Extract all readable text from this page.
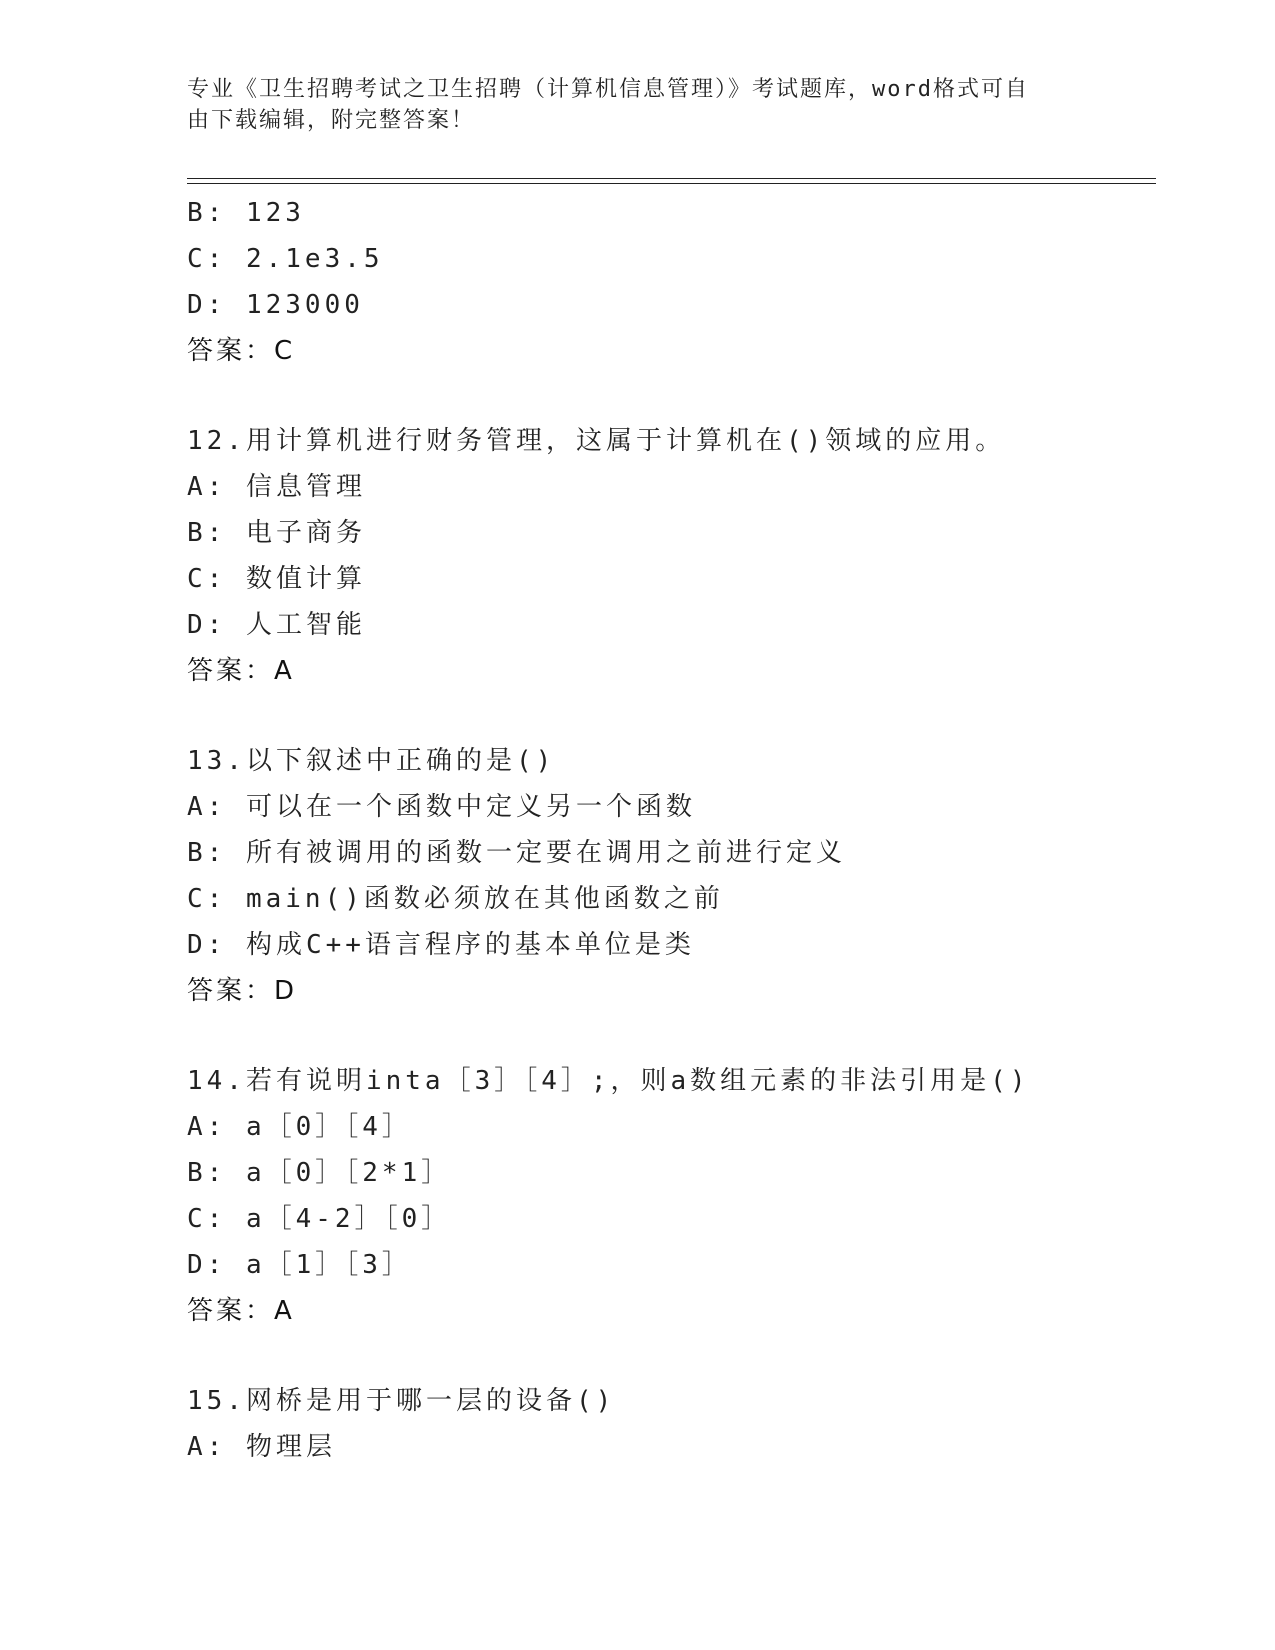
专业《卫生招聘考试之卫生招聘（计算机信息管理）》考试题库，word格式可自
由下载编辑，附完整答案！
B: 123
C: 2.1e3.5
D: 123000
答案：C
12.用计算机进行财务管理，这属于计算机在()领域的应用。
A: 信息管理
B: 电子商务
C: 数值计算
D: 人工智能
答案：A
13.以下叙述中正确的是()
A: 可以在一个函数中定义另一个函数
B: 所有被调用的函数一定要在调用之前进行定义
C: main()函数必须放在其他函数之前
D: 构成C++语言程序的基本单位是类
答案：D
14.若有说明inta［3］［4］;，则a数组元素的非法引用是()
A: a［0］［4］
B: a［0］［2*1］
C: a［4-2］［0］
D: a［1］［3］
答案：A
15.网桥是用于哪一层的设备()
A: 物理层
